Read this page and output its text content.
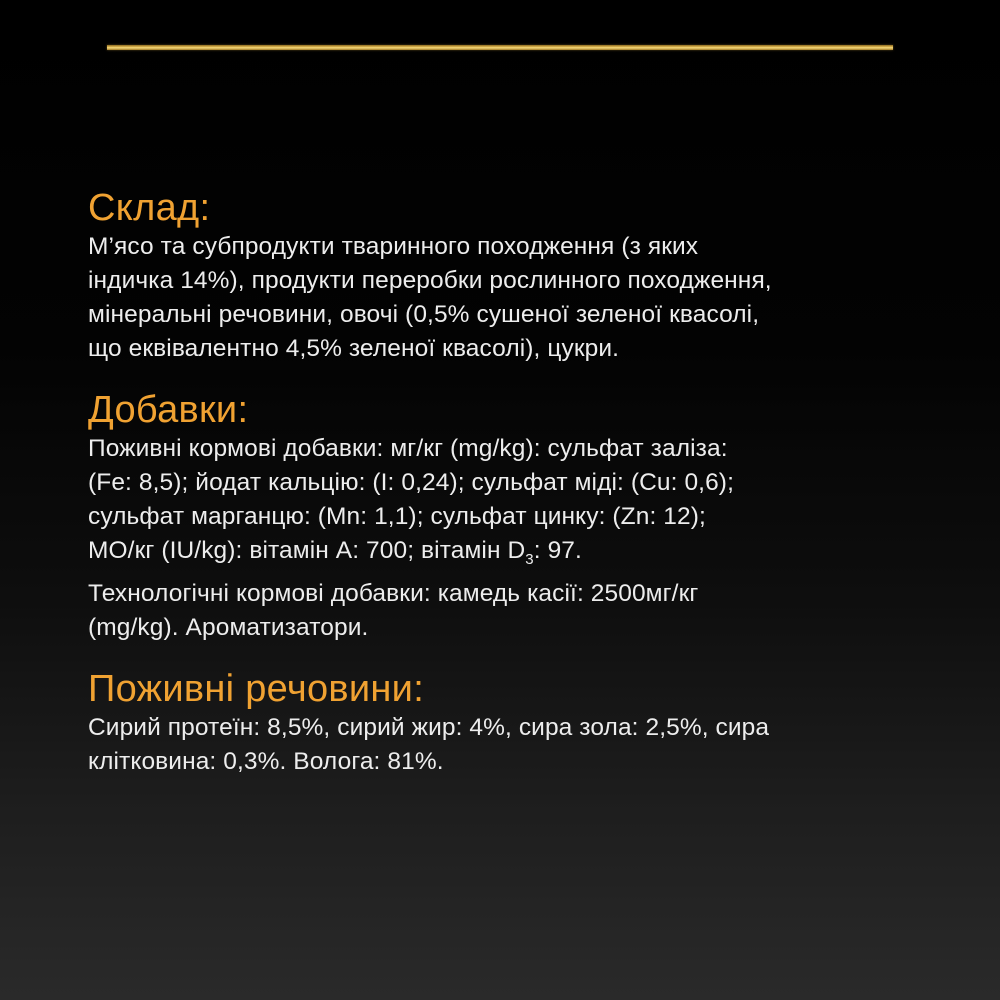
Склад:

М’ясо та субпродукти тваринного походження (з яких
індичка 14%), продукти переробки рослинного походження,
мінеральні речовини, овочі (0,5% сушеної зеленої квасолі,
що еквівалентно 4,5% зеленої квасолі), цукри.

Добавки:

Поживні кормові добавки: мг/кг (mg/kg): сульфат заліза:
(Fe: 8,5); йодат кальцію: (I: 0,24); сульфат міді: (Cu: 0,6);
сульфат марганцю: (Mn: 1,1); сульфат цинку: (Zn: 12);
МО/кг (IU/kg): вітамін А: 700; вітамін $D_3$: 97.
Технологічні кормові добавки: камедь касії: 2500мг/кг
(mg/kg). Ароматизатори.

Поживні речовини:

Сирий протеїн: 8,5%, сирий жир: 4%, сира зола: 2,5%, сира
клітковина: 0,3%. Волога: 81%.
